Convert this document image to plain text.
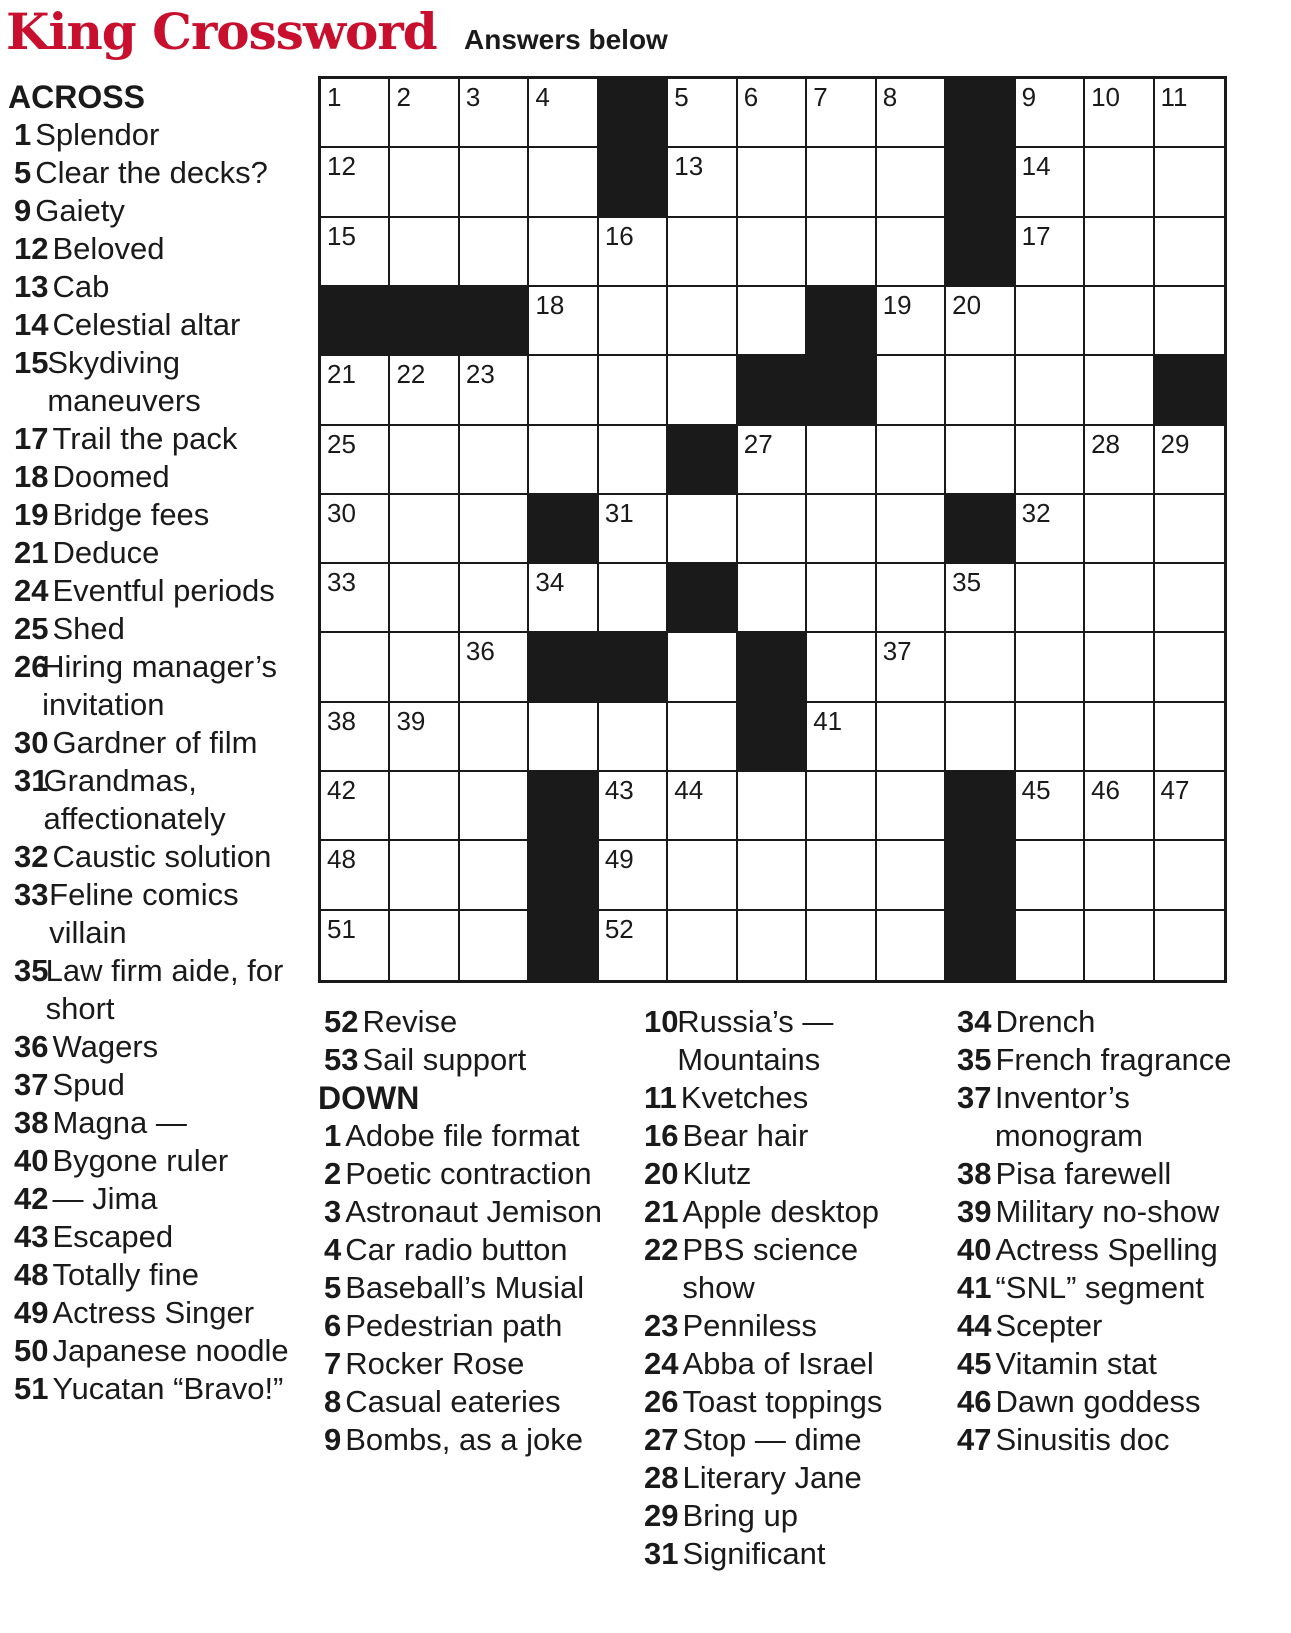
King Crossword Answers below
ACROSS
1 Splendor
5 Clear the decks?
9 Gaiety
12 Beloved
13 Cab
14 Celestial altar
15
Skydiving maneuvers
17 Trail the pack
18 Doomed
19 Bridge fees
21 Deduce
24 Eventful periods
25 Shed
26
Hiring manager’s invitation
30 Gardner of film
31
Grandmas, affectionately
32 Caustic solution
33 Feline comics villain
35
Law firm aide, for short
36 Wagers
37 Spud
38 Magna —
40 Bygone ruler
42 — Jima
43 Escaped
48 Totally fine
49 Actress Singer
50 Japanese noodle
51 Yucatan “Bravo!”
1 2 3 4	5 6 7 8	9 10 11
12	13	14
15	16	17
18	19 20
21 22 23
25	27	28 29
30	31	32
33	34	35
36	37
38 39	41
42	43 44	45 46 47
48	49
51	52
52 Revise
53 Sail support
DOWN
1 Adobe file format
2 Poetic contraction
3 Astronaut Jemison
4 Car radio button
5 Baseball’s Musial
6 Pedestrian path
7 Rocker Rose
8 Casual eateries
9 Bombs, as a joke
10
Russia’s — Mountains
11 Kvetches
16 Bear hair
20 Klutz
21 Apple desktop
22 PBS science show
23 Penniless
24 Abba of Israel
26 Toast toppings
27 Stop — dime
28 Literary Jane
29 Bring up
31 Significant
34 Drench
35 French fragrance
37 Inventor’s monogram
38 Pisa farewell
39 Military no-show
40 Actress Spelling
41 “SNL” segment
44 Scepter
45 Vitamin stat
46 Dawn goddess
47 Sinusitis doc
